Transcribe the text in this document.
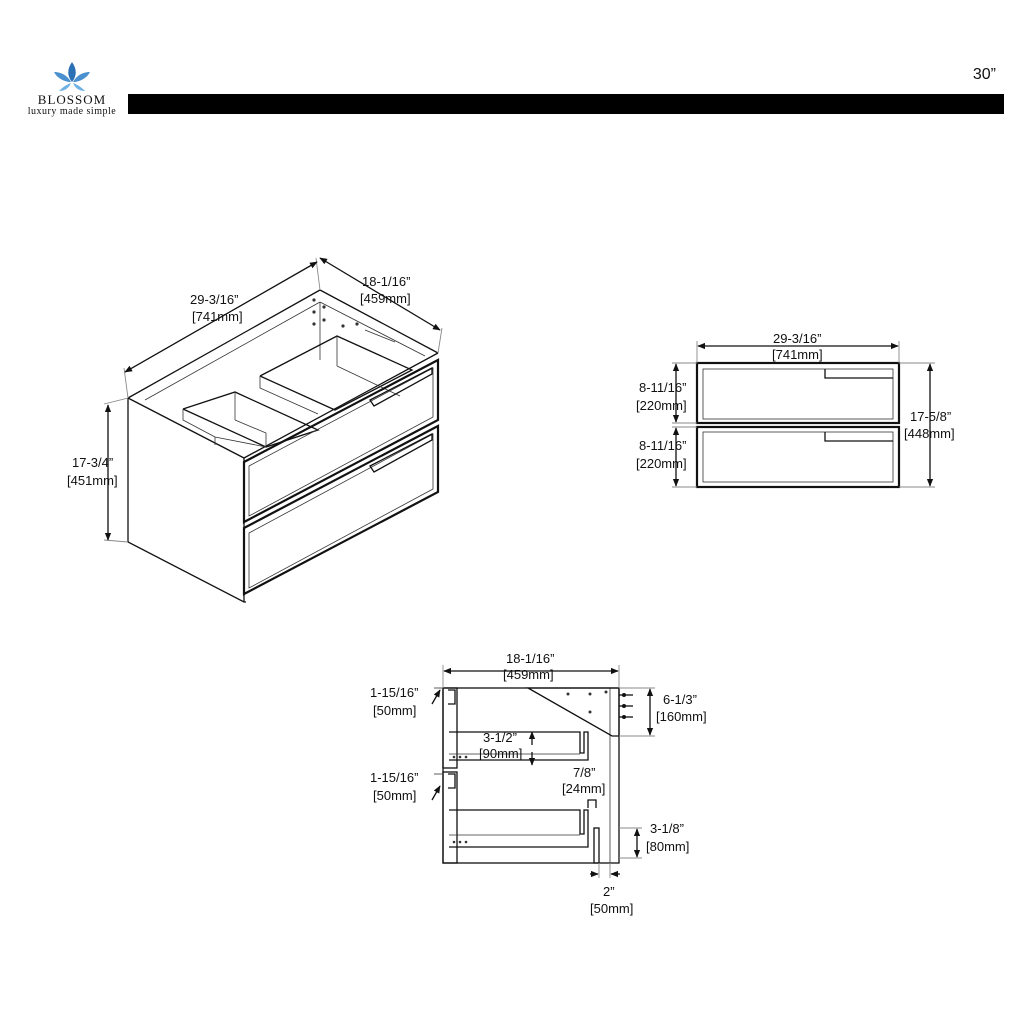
BLOSSOM
luxury made simple
30”
020 SOFIA
29-3/16”
[741mm]
18-1/16”
[459mm]
17-3/4”
[451mm]
29-3/16”
[741mm]
8-11/16”
[220mm]
8-11/16”
[220mm]
17-5/8”
[448mm]
18-1/16”
[459mm]
1-15/16”
[50mm]
1-15/16”
[50mm]
3-1/2”
[90mm]
6-1/3”
[160mm]
7/8”
[24mm]
3-1/8”
[80mm]
2”
[50mm]
